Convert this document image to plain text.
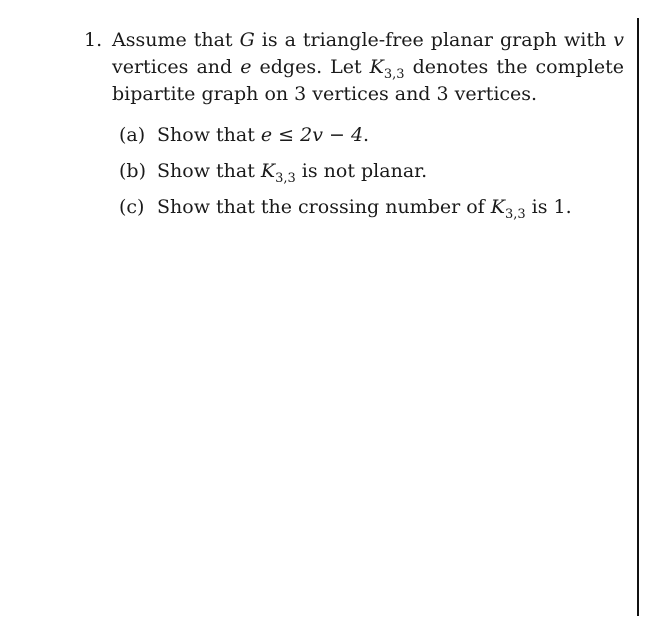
1. Assume that G is a triangle-free planar graph with v
vertices and e edges. Let $K_{3,3}$ denotes the complete
bipartite graph on 3 vertices and 3 vertices.
(a) Show that e ≤ 2v − 4.
(b) Show that $K_{3,3}$ is not planar.
(c) Show that the crossing number of $K_{3,3}$ is 1.
